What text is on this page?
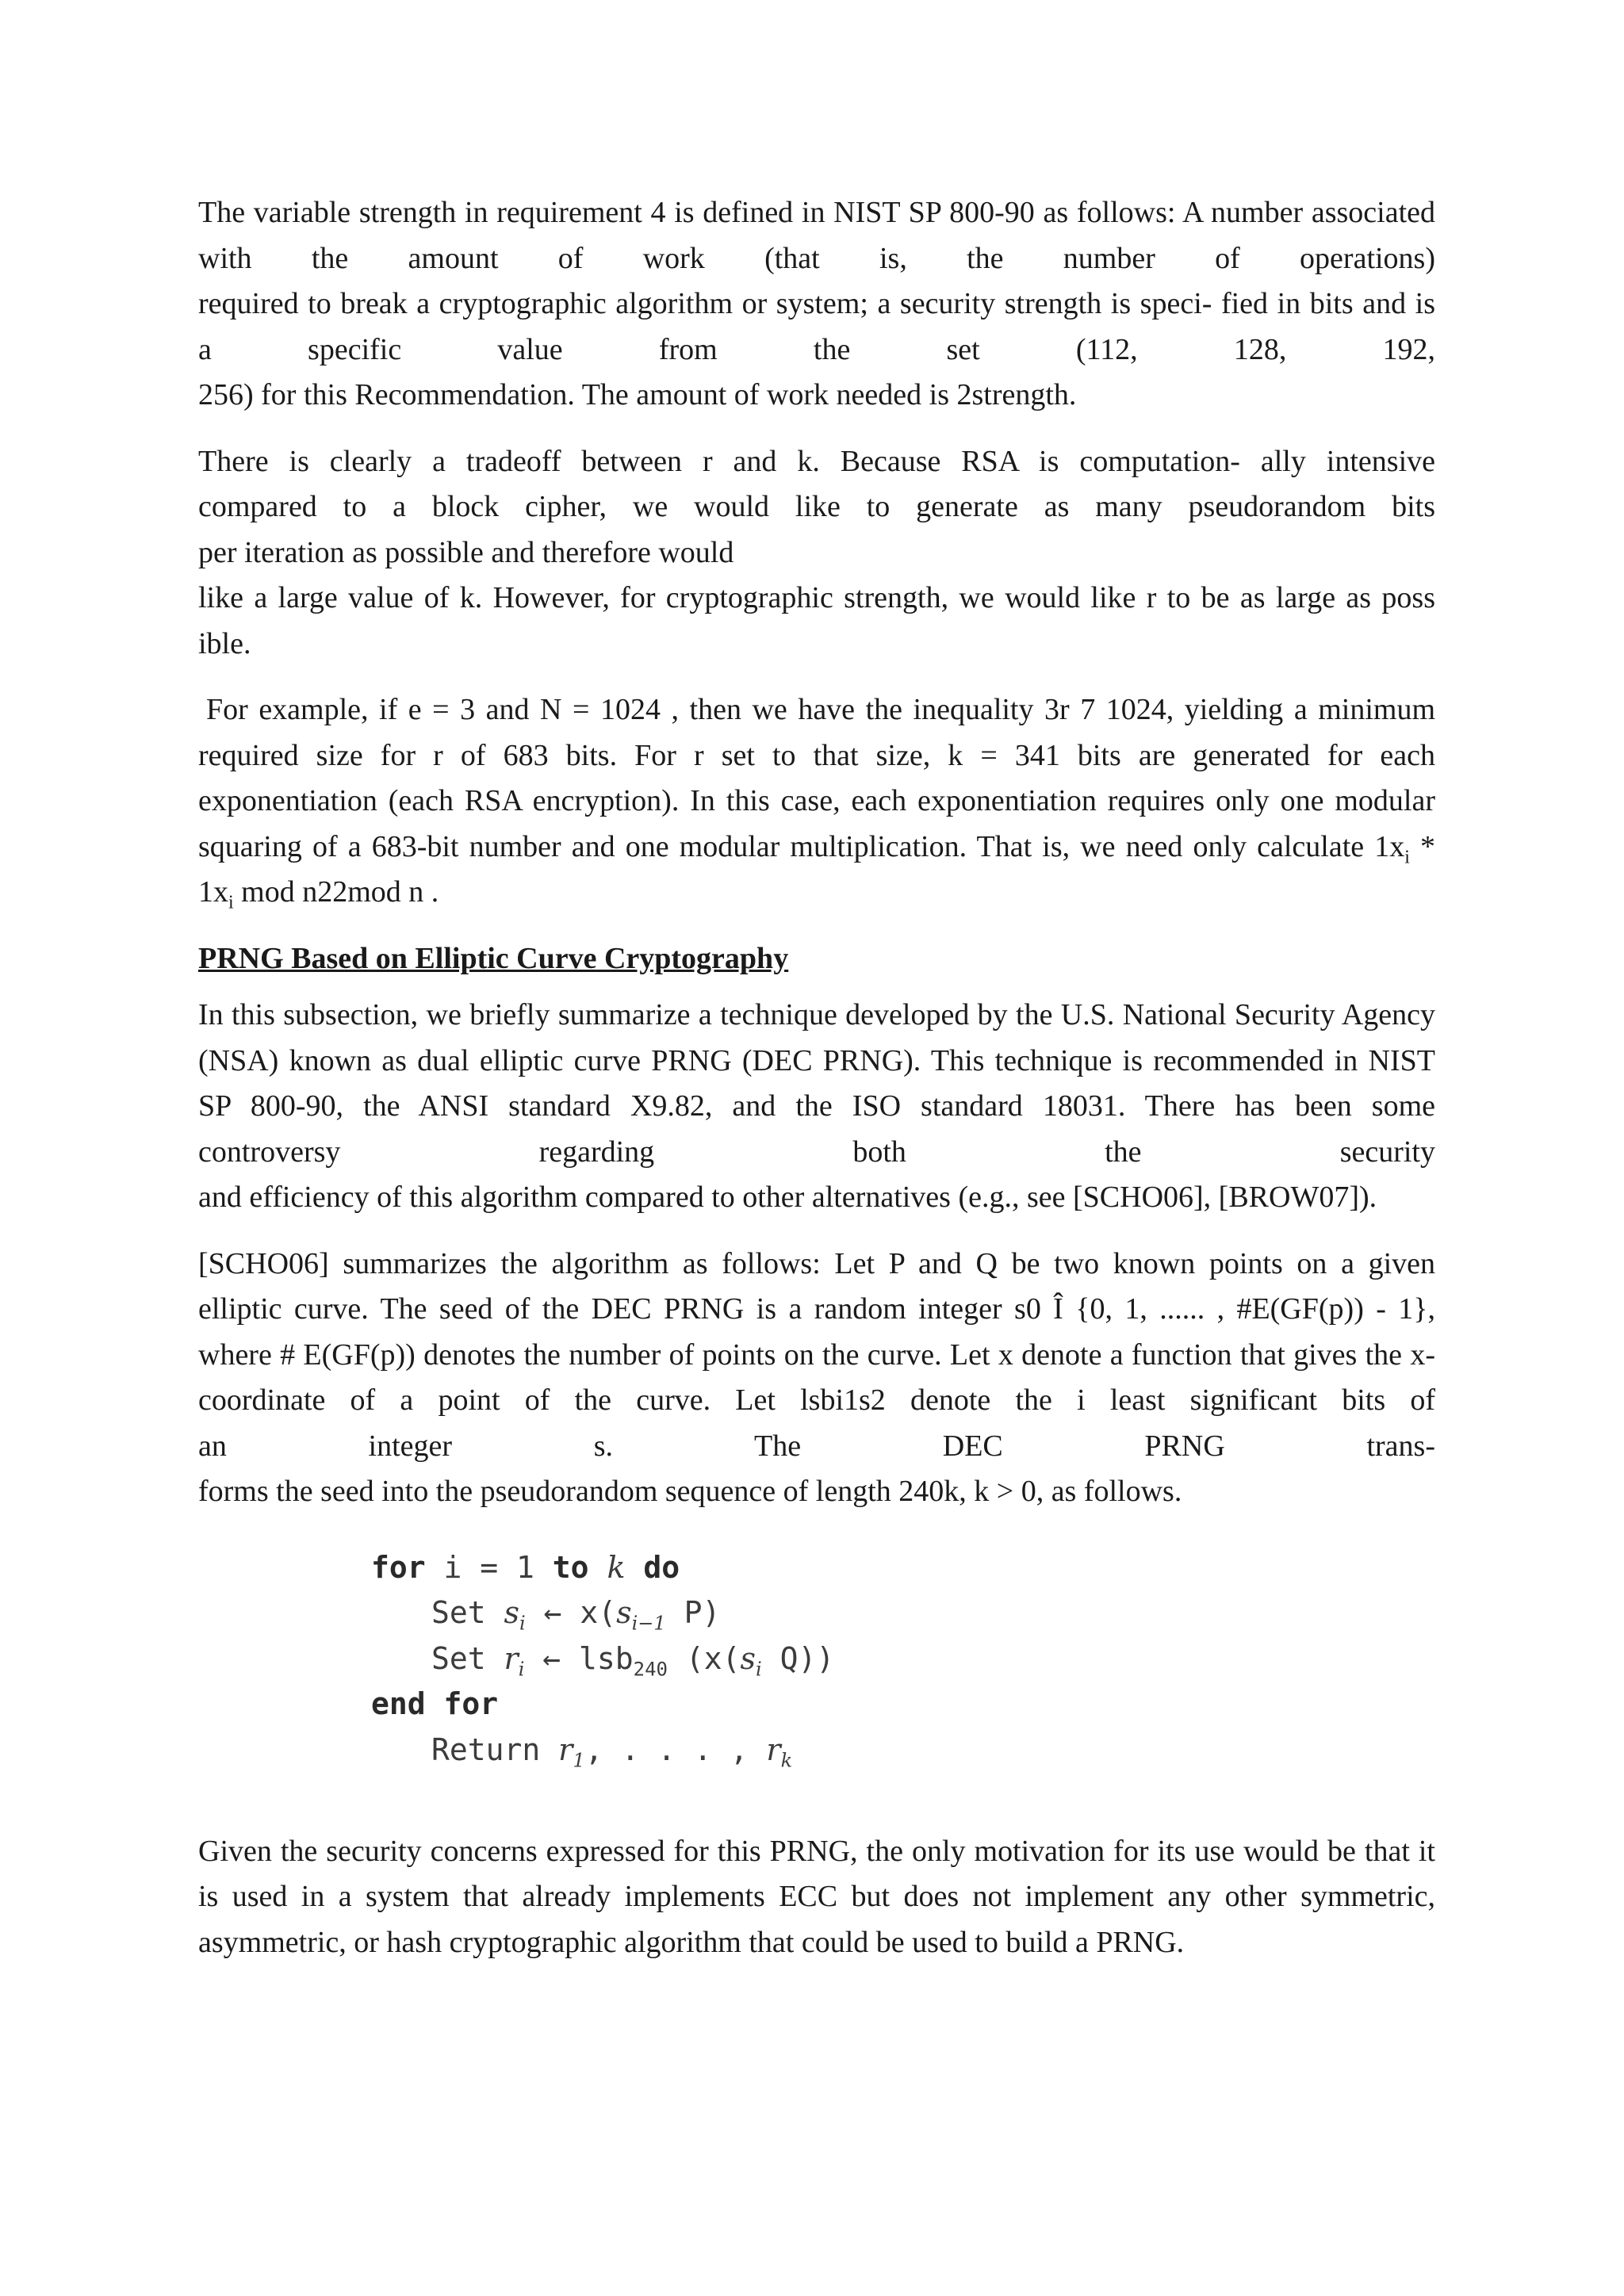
The variable strength in requirement 4 is defined in NIST SP 800-90 as follows: A number associated

with the amount of work (that is, the number of operations)

required to break a cryptographic algorithm or system; a security strength is speci- fied in bits and is

a specific value from the set (112, 128, 192,

256) for this Recommendation. The amount of work needed is 2strength.

There is clearly a tradeoff between r and k. Because RSA is computation- ally intensive

compared to a block cipher, we would like to generate as many pseudorandom bits

per iteration as possible and therefore would

like a large value of k. However, for cryptographic strength, we would like r to be as large as poss

ible.

For example, if e = 3 and N = 1024 , then we have the inequality 3r 7 1024, yielding a minimum

required size for r of 683 bits. For r set to that size, k = 341 bits are generated for each

exponentiation (each RSA encryption). In this case, each exponentiation requires only one modular

squaring of a 683-bit number and one modular multiplication. That is, we need only calculate $1x_i$ *

$1x_i$ mod n22mod n .

PRNG Based on Elliptic Curve Cryptography

In this subsection, we briefly summarize a technique developed by the U.S. National Security Agency

(NSA) known as dual elliptic curve PRNG (DEC PRNG). This technique is recommended in NIST

SP 800-90, the ANSI standard X9.82, and the ISO standard 18031. There has been some

controversy regarding both the security

and efficiency of this algorithm compared to other alternatives (e.g., see [SCHO06], [BROW07]).

[SCHO06] summarizes the algorithm as follows: Let P and Q be two known points on a given

elliptic curve. The seed of the DEC PRNG is a random integer s0 Î {0, 1, ...... , #E(GF(p)) - 1},

where # E(GF(p)) denotes the number of points on the curve. Let x denote a function that gives the x-

coordinate of a point of the curve. Let lsbi1s2 denote the i least significant bits of

an integer s. The DEC PRNG trans-

forms the seed into the pseudorandom sequence of length 240k, k > 0, as follows.

for i = 1 to k do
Set $s_i$ ← $x(s_{i-1}$ P)
Set $r_i$ ← lsb$_{240}$ ($x(s_i$ Q))
end for
Return $r_1$, . . . , $r_k$

Given the security concerns expressed for this PRNG, the only motivation for its use would be that it

is used in a system that already implements ECC but does not implement any other symmetric,

asymmetric, or hash cryptographic algorithm that could be used to build a PRNG.
